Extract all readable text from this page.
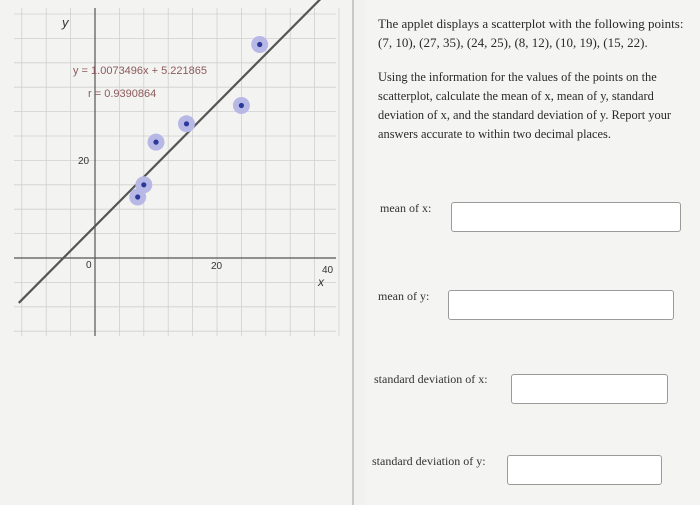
y
x
y = 1.0073496x + 5.221865
r = 0.9390864
0	20	40
20

The applet displays a scatterplot with the following points:
(7, 10), (27, 35), (24, 25), (8, 12), (10, 19), (15, 22).

Using the information for the values of the points on the scatterplot, calculate the mean of x, mean of y, standard deviation of x, and the standard deviation of y. Report your answers accurate to within two decimal places.

mean of x:
mean of y:
standard deviation of x:
standard deviation of y:
